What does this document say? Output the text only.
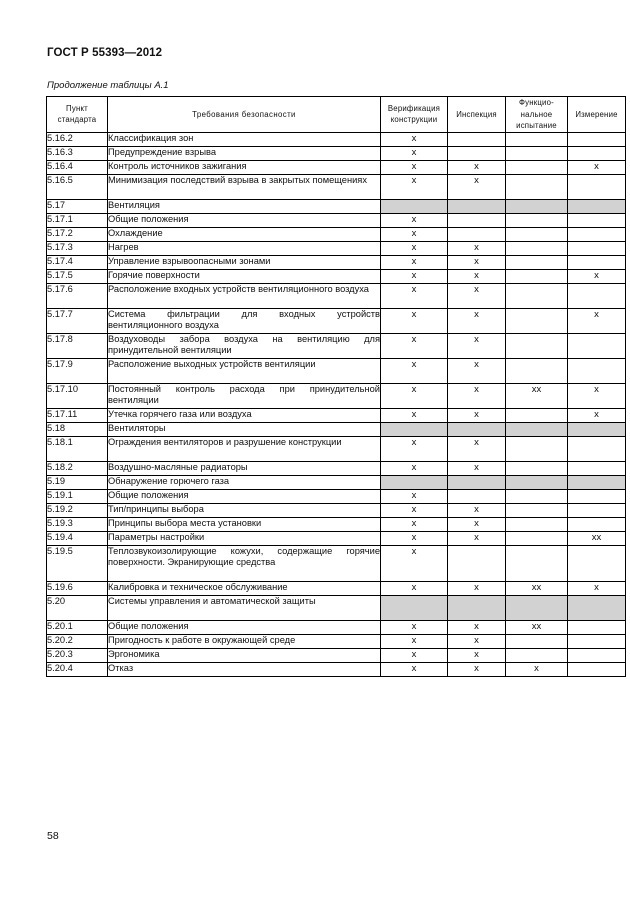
ГОСТ Р 55393—2012
Продолжение таблицы А.1
Пункт стандарта	Требования безопасности	Верификация конструкции	Инспекция	Функцио-нальное испытание	Измерение
5.16.2	Классификация зон	x			
5.16.3	Предупреждение взрыва	x			
5.16.4	Контроль источников зажигания	x	x		x
5.16.5	Минимизация последствий взрыва в закрытых помещениях	x	x		
5.17	Вентиляция				
5.17.1	Общие положения	x			
5.17.2	Охлаждение	x			
5.17.3	Нагрев	x	x		
5.17.4	Управление взрывоопасными зонами	x	x		
5.17.5	Горячие поверхности	x	x		x
5.17.6	Расположение входных устройств вентиляционного воздуха	x	x		
5.17.7	Система фильтрации для входных устройств вентиляционного воздуха	x	x		x
5.17.8	Воздуховоды забора воздуха на вентиляцию для принудительной вентиляции	x	x		
5.17.9	Расположение выходных устройств вентиляции	x	x		
5.17.10	Постоянный контроль расхода при принудительной вентиляции	x	x	xx	x
5.17.11	Утечка горячего газа или воздуха	x	x		x
5.18	Вентиляторы				
5.18.1	Ограждения вентиляторов и разрушение конструкции	x	x		
5.18.2	Воздушно-масляные радиаторы	x	x		
5.19	Обнаружение горючего газа				
5.19.1	Общие положения	x			
5.19.2	Тип/принципы выбора	x	x		
5.19.3	Принципы выбора места установки	x	x		
5.19.4	Параметры настройки	x	x		xx
5.19.5	Теплозвукоизолирующие кожухи, содержащие горячие поверхности. Экранирующие средства	x			
5.19.6	Калибровка и техническое обслуживание	x	x	xx	x
5.20	Системы управления и автоматической защиты				
5.20.1	Общие положения	x	x	xx	
5.20.2	Пригодность к работе в окружающей среде	x	x		
5.20.3	Эргономика	x	x		
5.20.4	Отказ	x	x	x	
58
